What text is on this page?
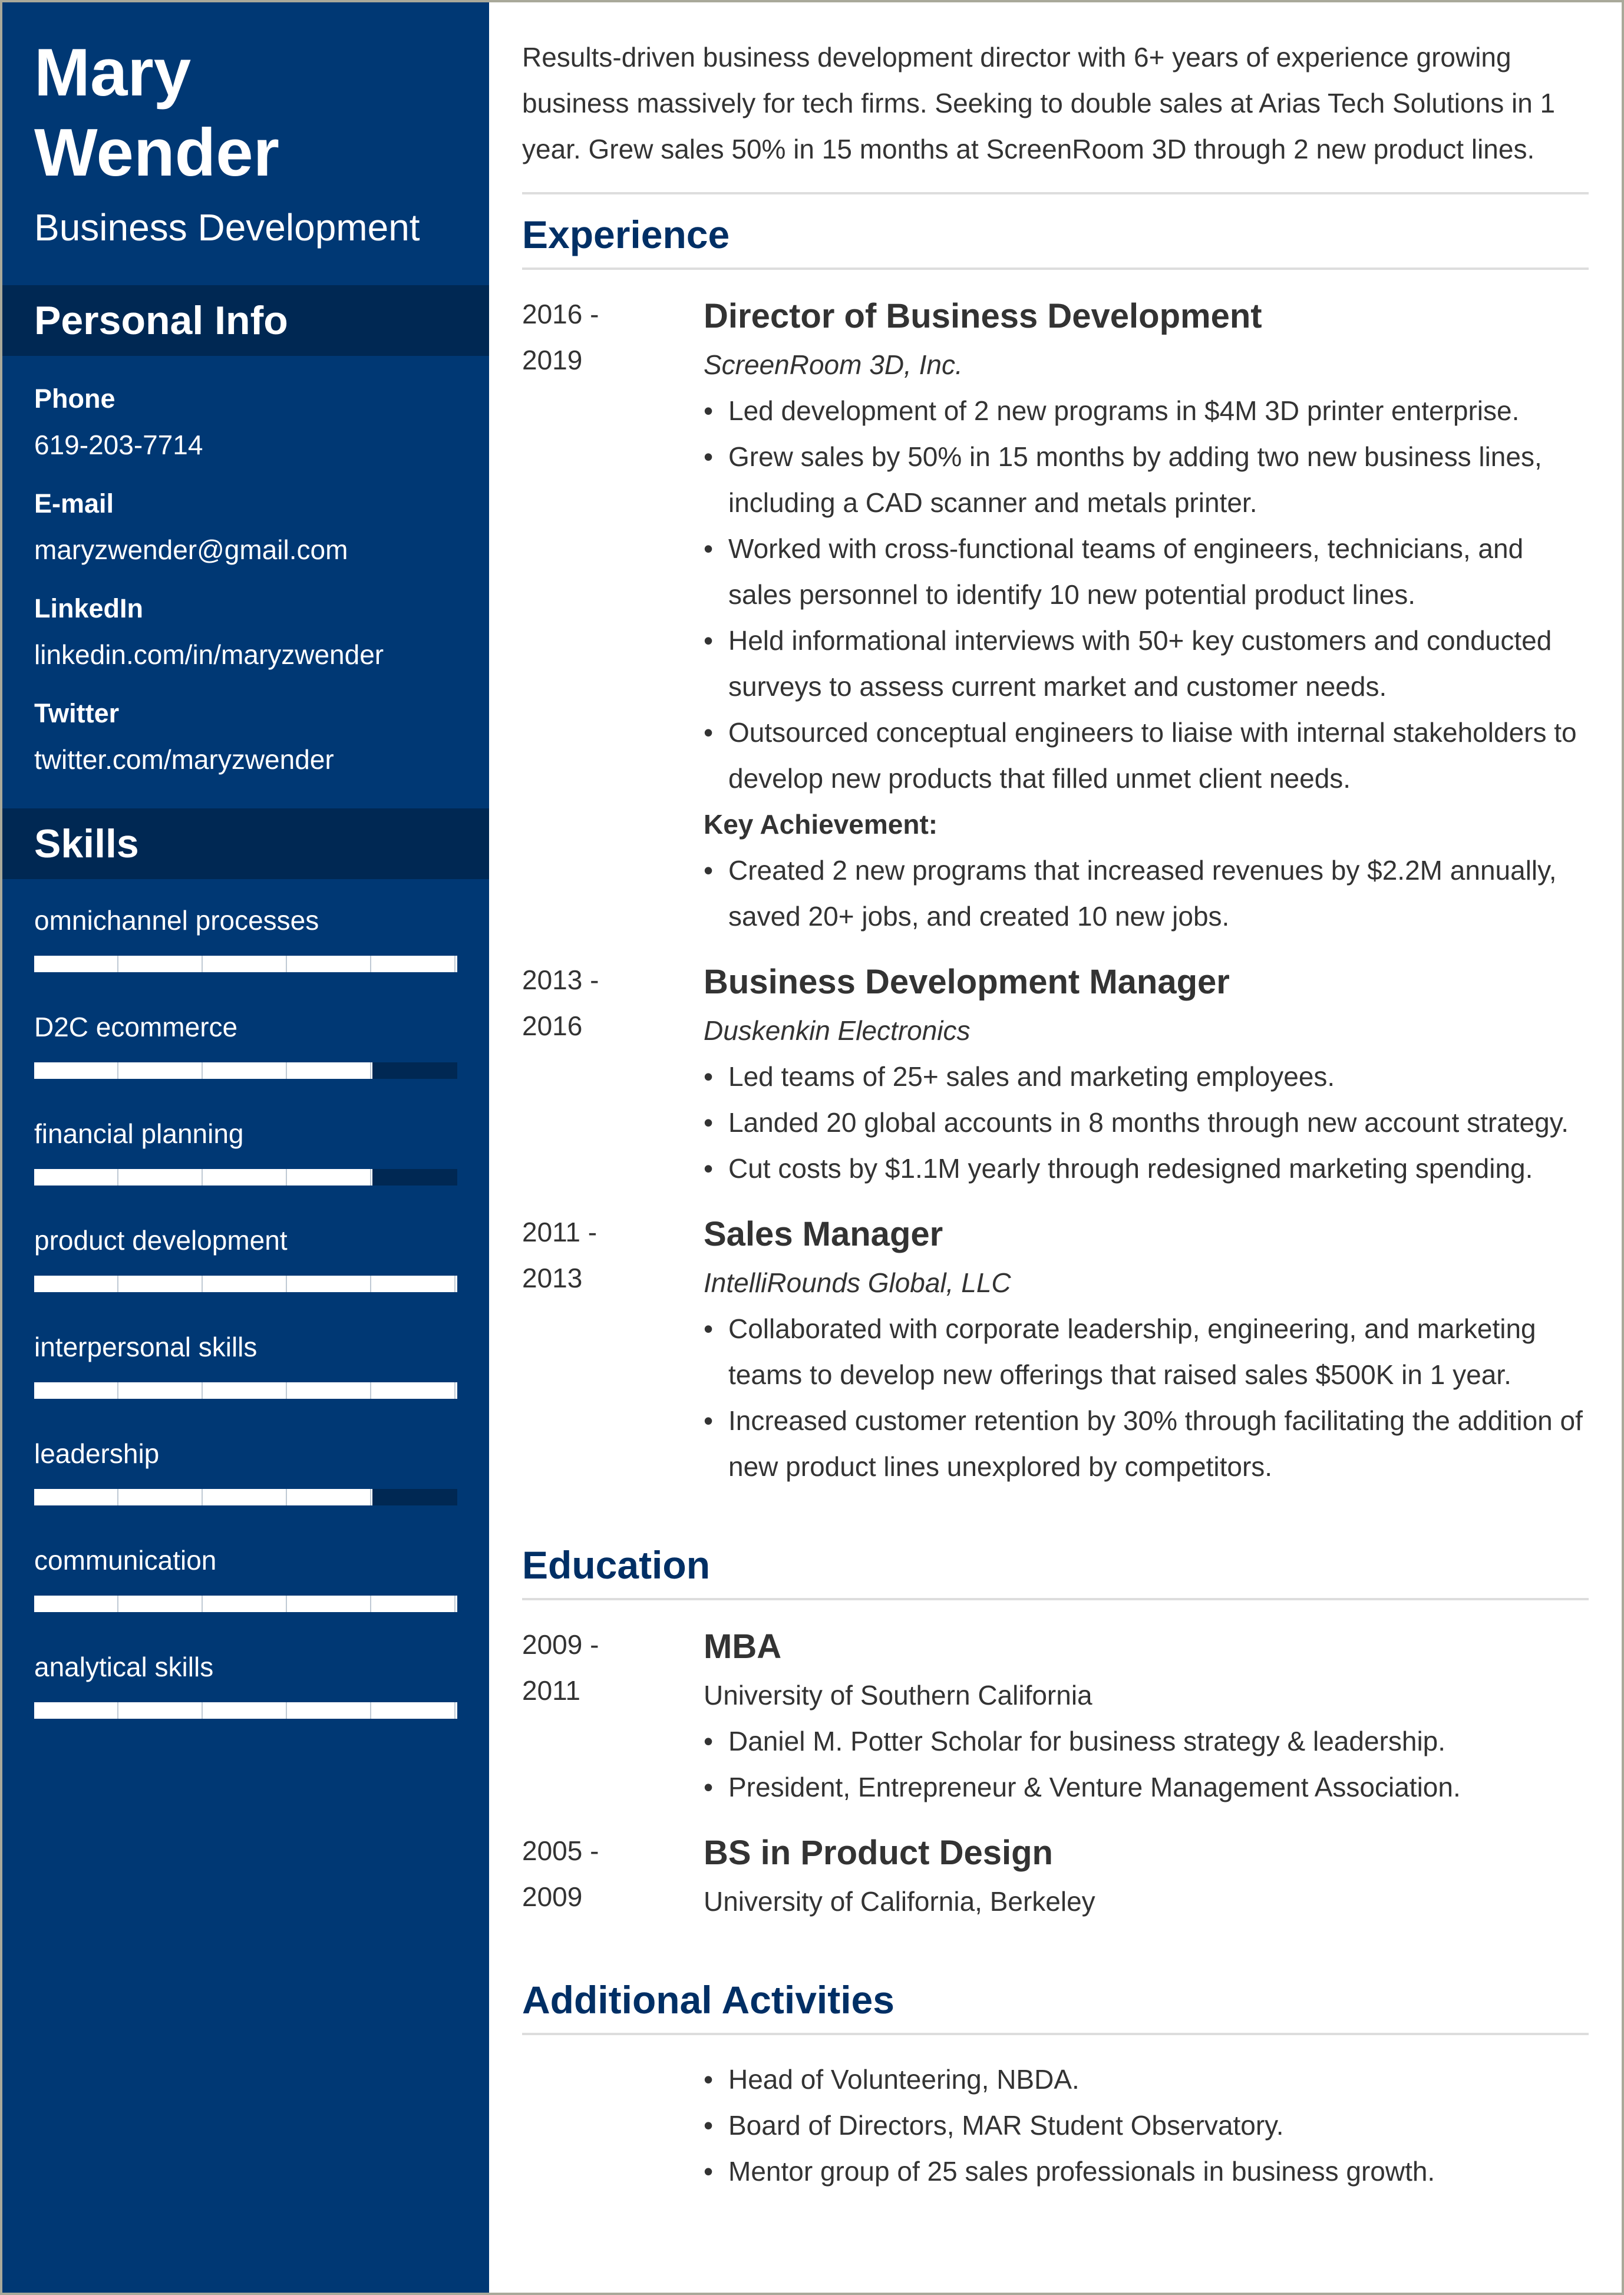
Mary
Wender
Business Development
Personal Info
Phone
619-203-7714
E-mail
maryzwender@gmail.com
LinkedIn
linkedin.com/in/maryzwender
Twitter
twitter.com/maryzwender
Skills
omnichannel processes
D2C ecommerce
financial planning
product development
interpersonal skills
leadership
communication
analytical skills

Results-driven business development director with 6+ years of experience growing business massively for tech firms. Seeking to double sales at Arias Tech Solutions in 1 year. Grew sales 50% in 15 months at ScreenRoom 3D through 2 new product lines.

Experience
2016 -
2019
Director of Business Development
ScreenRoom 3D, Inc.
• Led development of 2 new programs in $4M 3D printer enterprise.
• Grew sales by 50% in 15 months by adding two new business lines, including a CAD scanner and metals printer.
• Worked with cross-functional teams of engineers, technicians, and sales personnel to identify 10 new potential product lines.
• Held informational interviews with 50+ key customers and conducted surveys to assess current market and customer needs.
• Outsourced conceptual engineers to liaise with internal stakeholders to develop new products that filled unmet client needs.
Key Achievement:
• Created 2 new programs that increased revenues by $2.2M annually, saved 20+ jobs, and created 10 new jobs.
2013 -
2016
Business Development Manager
Duskenkin Electronics
• Led teams of 25+ sales and marketing employees.
• Landed 20 global accounts in 8 months through new account strategy.
• Cut costs by $1.1M yearly through redesigned marketing spending.
2011 -
2013
Sales Manager
IntelliRounds Global, LLC
• Collaborated with corporate leadership, engineering, and marketing teams to develop new offerings that raised sales $500K in 1 year.
• Increased customer retention by 30% through facilitating the addition of new product lines unexplored by competitors.
Education
2009 -
2011
MBA
University of Southern California
• Daniel M. Potter Scholar for business strategy & leadership.
• President, Entrepreneur & Venture Management Association.
2005 -
2009
BS in Product Design
University of California, Berkeley
Additional Activities
• Head of Volunteering, NBDA.
• Board of Directors, MAR Student Observatory.
• Mentor group of 25 sales professionals in business growth.
